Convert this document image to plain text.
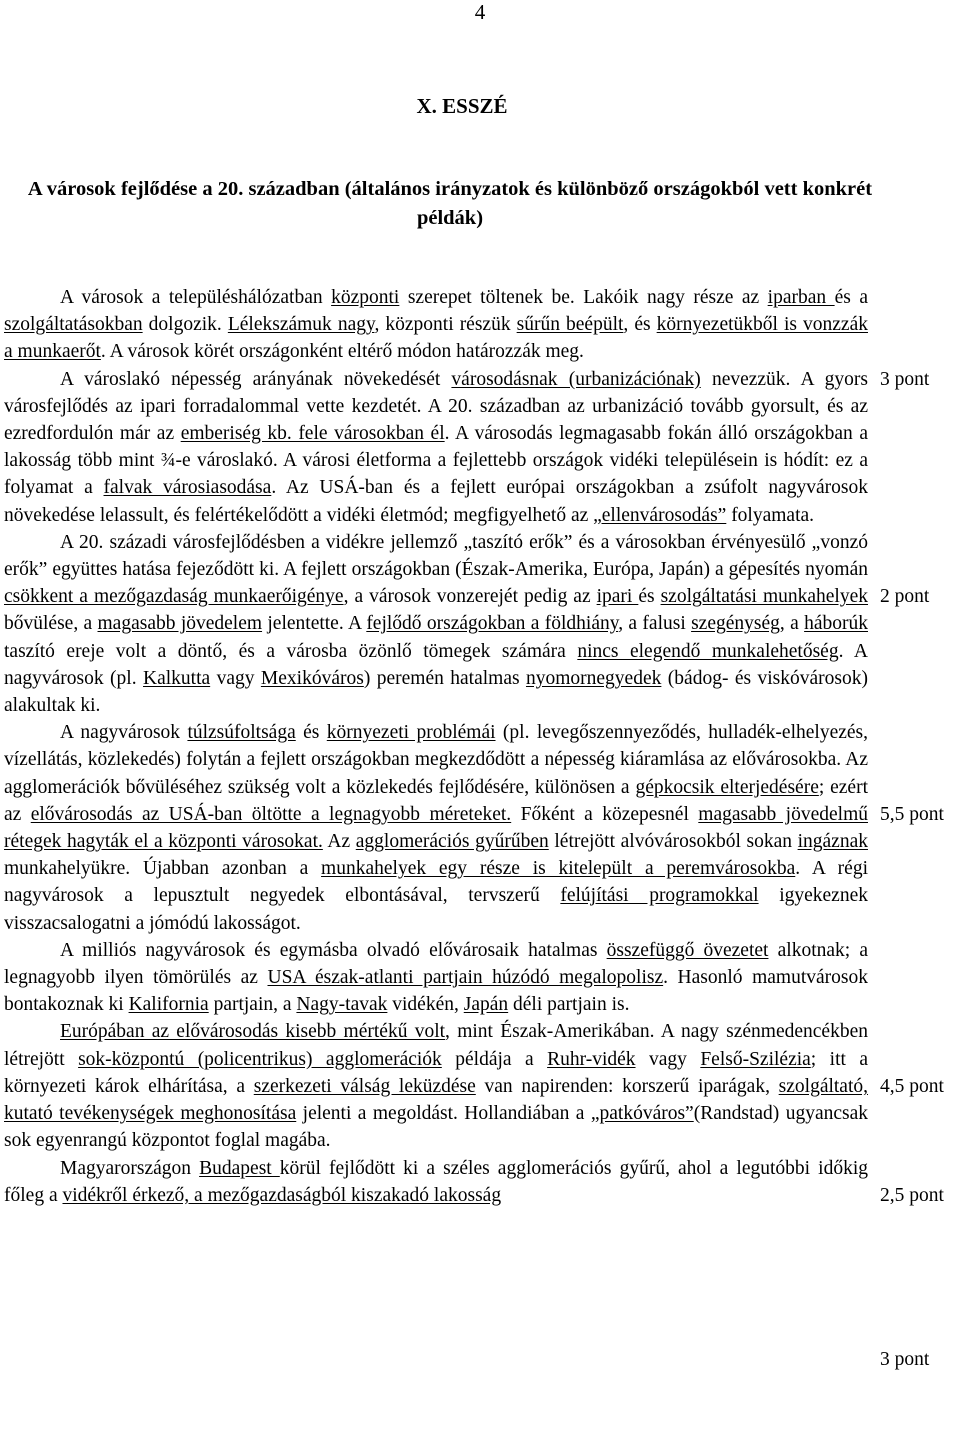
4
X. ESSZÉ
A városok fejlődése a 20. században (általános irányzatok és különböző országokból vett konkrét példák)

A városok a településhálózatban központi szerepet töltenek be. Lakóik nagy része az iparban és a szolgáltatásokban dolgozik. Lélekszámuk nagy, központi részük sűrűn beépült, és környezetükből is vonzzák a munkaerőt. A városok körét országonként eltérő módon határozzák meg.

A városlakó népesség arányának növekedését városodásnak (urbanizációnak) nevezzük. A gyors városfejlődés az ipari forradalommal vette kezdetét. A 20. században az urbanizáció tovább gyorsult, és az ezredfordulón már az emberiség kb. fele városokban él. A városodás legmagasabb fokán álló országokban a lakosság több mint ¾-e városlakó. A városi életforma a fejlettebb országok vidéki településein is hódít: ez a folyamat a falvak városiasodása. Az USÁ-ban és a fejlett európai országokban a zsúfolt nagyvárosok növekedése lelassult, és felértékelődött a vidéki életmód; megfigyelhető az „ellenvárosodás” folyamata.

A 20. századi városfejlődésben a vidékre jellemző „taszító erők” és a városokban érvényesülő „vonzó erők” együttes hatása fejeződött ki. A fejlett országokban (Észak-Amerika, Európa, Japán) a gépesítés nyomán csökkent a mezőgazdaság munkaerőigénye, a városok vonzerejét pedig az ipari és szolgáltatási munkahelyek bővülése, a magasabb jövedelem jelentette. A fejlődő országokban a földhiány, a falusi szegénység, a háborúk taszító ereje volt a döntő, és a városba özönlő tömegek számára nincs elegendő munkalehetőség. A nagyvárosok (pl. Kalkutta vagy Mexikóváros) peremén hatalmas nyomornegyedek (bádog- és viskóvárosok) alakultak ki.

A nagyvárosok túlzsúfoltsága és környezeti problémái (pl. levegőszennyeződés, hulladék-elhelyezés, vízellátás, közlekedés) folytán a fejlett országokban megkezdődött a népesség kiáramlása az elővárosokba. Az agglomerációk bővüléséhez szükség volt a közlekedés fejlődésére, különösen a gépkocsik elterjedésére; ezért az elővárosodás az USÁ-ban öltötte a legnagyobb méreteket. Főként a közepesnél magasabb jövedelmű rétegek hagyták el a központi városokat. Az agglomerációs gyűrűben létrejött alvóvárosokból sokan ingáznak munkahelyükre. Újabban azonban a munkahelyek egy része is kitelepült a peremvárosokba. A régi nagyvárosok a lepusztult negyedek elbontásával, tervszerű felújítási programokkal igyekeznek visszacsalogatni a jómódú lakosságot.

A milliós nagyvárosok és egymásba olvadó elővárosaik hatalmas összefüggő övezetet alkotnak; a legnagyobb ilyen tömörülés az USA észak-atlanti partjain húzódó megalopolisz. Hasonló mamutvárosok bontakoznak ki Kalifornia partjain, a Nagy-tavak vidékén, Japán déli partjain is.

Európában az elővárosodás kisebb mértékű volt, mint Észak-Amerikában. A nagy szénmedencékben létrejött sok-központú (policentrikus) agglomerációk példája a Ruhr-vidék vagy Felső-Szilézia; itt a környezeti károk elhárítása, a szerkezeti válság leküzdése van napirenden: korszerű iparágak, szolgáltató, kutató tevékenységek meghonosítása jelenti a megoldást. Hollandiában a „patkóváros”(Randstad) ugyancsak sok egyenrangú központot foglal magába.

Magyarországon Budapest körül fejlődött ki a széles agglomerációs gyűrű, ahol a legutóbbi időkig főleg a vidékről érkező, a mezőgazdaságból kiszakadó lakosság

3 pont
2 pont
5,5 pont
4,5 pont
2,5 pont
3 pont
